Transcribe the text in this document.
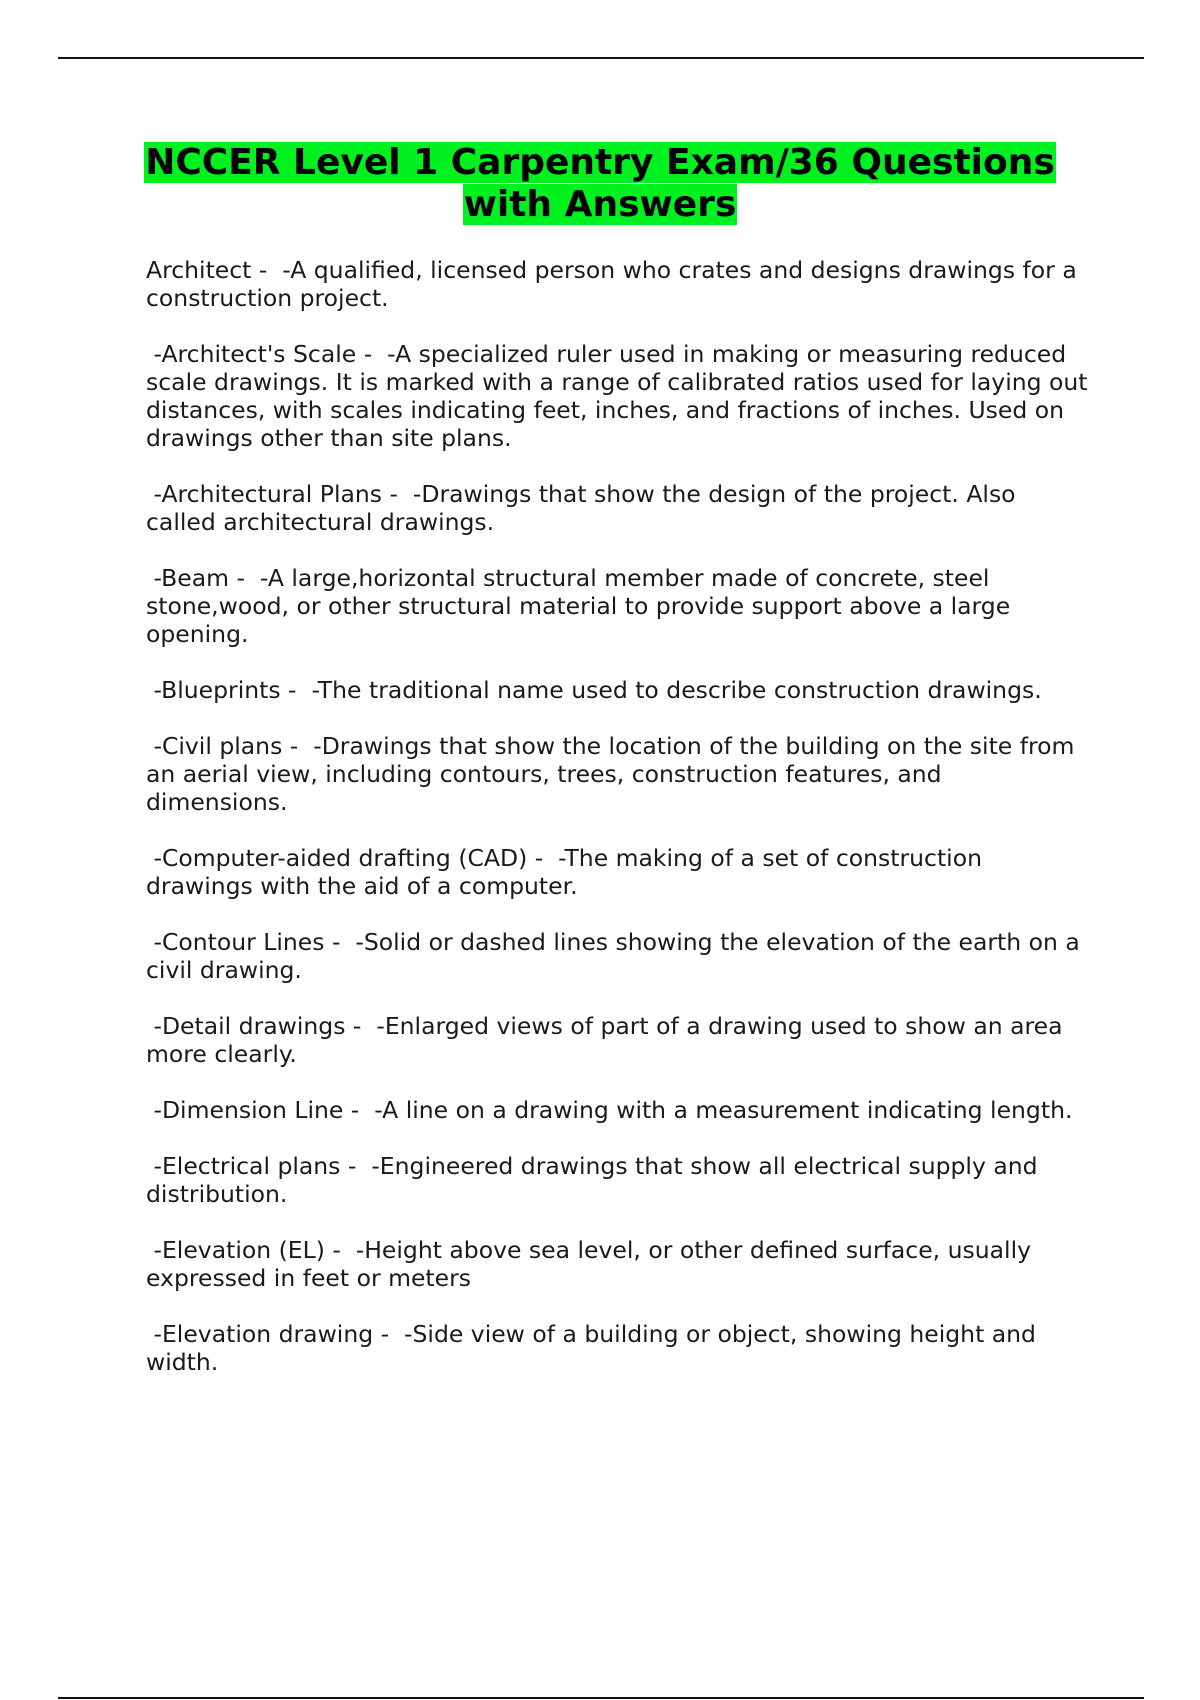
NCCER Level 1 Carpentry Exam/36 Questions with Answers

Architect -  -A qualified, licensed person who crates and designs drawings for a construction project.

-Architect's Scale -  -A specialized ruler used in making or measuring reduced scale drawings. It is marked with a range of calibrated ratios used for laying out distances, with scales indicating feet, inches, and fractions of inches. Used on drawings other than site plans.

-Architectural Plans -  -Drawings that show the design of the project. Also called architectural drawings.

-Beam -  -A large,horizontal structural member made of concrete, steel stone,wood, or other structural material to provide support above a large opening.

-Blueprints -  -The traditional name used to describe construction drawings.

-Civil plans -  -Drawings that show the location of the building on the site from an aerial view, including contours, trees, construction features, and dimensions.

-Computer-aided drafting (CAD) -  -The making of a set of construction drawings with the aid of a computer.

-Contour Lines -  -Solid or dashed lines showing the elevation of the earth on a civil drawing.

-Detail drawings -  -Enlarged views of part of a drawing used to show an area more clearly.

-Dimension Line -  -A line on a drawing with a measurement indicating length.

-Electrical plans -  -Engineered drawings that show all electrical supply and distribution.

-Elevation (EL) -  -Height above sea level, or other defined surface, usually expressed in feet or meters

-Elevation drawing -  -Side view of a building or object, showing height and width.
